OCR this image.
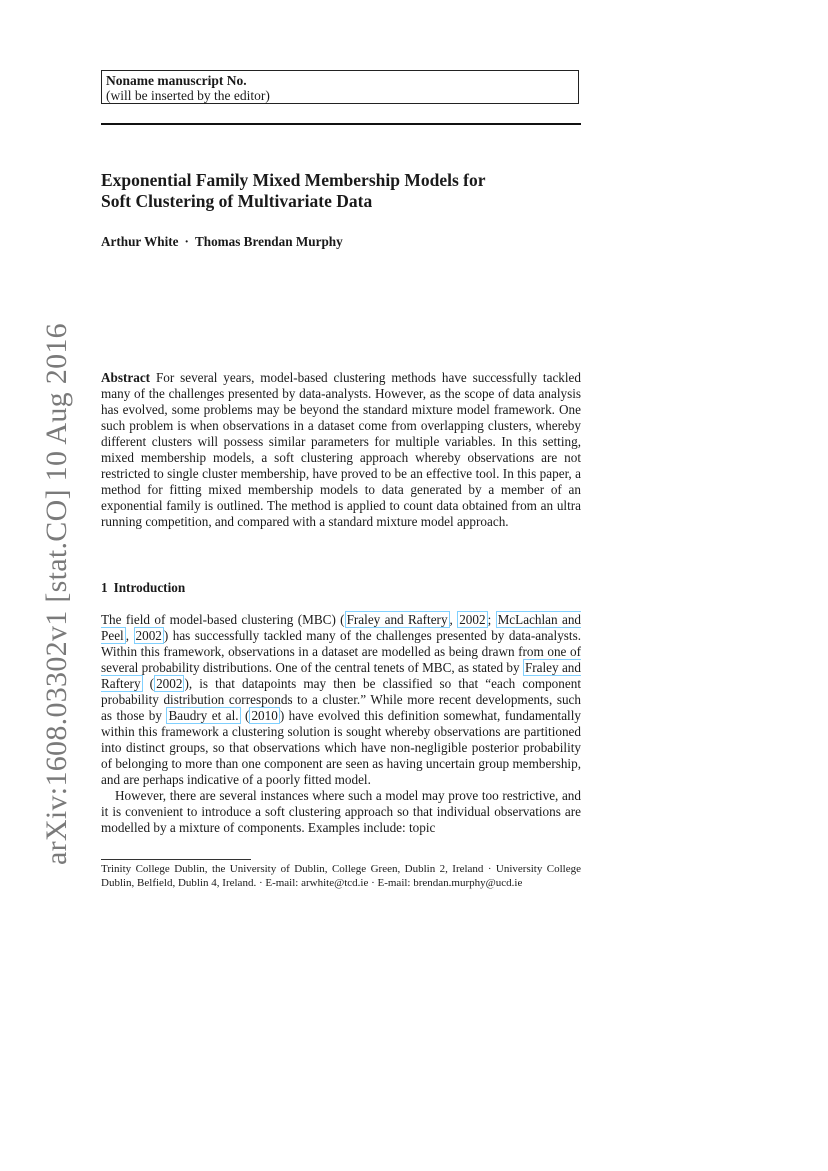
arXiv:1608.03302v1 [stat.CO] 10 Aug 2016
Noname manuscript No.
(will be inserted by the editor)
Exponential Family Mixed Membership Models for
Soft Clustering of Multivariate Data
Arthur White · Thomas Brendan Murphy
Abstract For several years, model-based clustering methods have successfully tackled many of the challenges presented by data-analysts. However, as the scope of data analysis has evolved, some problems may be beyond the standard mixture model framework. One such problem is when observations in a dataset come from overlapping clusters, whereby different clusters will possess similar parameters for multiple variables. In this setting, mixed membership models, a soft clustering approach whereby observations are not restricted to single cluster membership, have proved to be an effective tool. In this paper, a method for fitting mixed membership models to data generated by a member of an exponential family is outlined. The method is applied to count data obtained from an ultra running competition, and compared with a standard mixture model approach.
1 Introduction

The field of model-based clustering (MBC) ( Fraley and Raftery , 2002 ; McLachlan and Peel , 2002 ) has successfully tackled many of the challenges presented by data-analysts. Within this framework, observations in a dataset are modelled as being drawn from one of several probability distributions. One of the central tenets of MBC, as stated by Fraley and Raftery ( 2002 ), is that datapoints may then be classified so that “each component probability distribution corresponds to a cluster.” While more recent developments, such as those by Baudry et al. ( 2010 ) have evolved this definition somewhat, fundamentally within this framework a clustering solution is sought whereby observations are partitioned into distinct groups, so that observations which have non-negligible posterior probability of belonging to more than one component are seen as having uncertain group membership, and are perhaps indicative of a poorly fitted model.

However, there are several instances where such a model may prove too restrictive, and it is convenient to introduce a soft clustering approach so that individual observations are modelled by a mixture of components. Examples include: topic

Trinity College Dublin, the University of Dublin, College Green, Dublin 2, Ireland · University College Dublin, Belfield, Dublin 4, Ireland. · E-mail: arwhite@tcd.ie · E-mail: brendan.murphy@ucd.ie
